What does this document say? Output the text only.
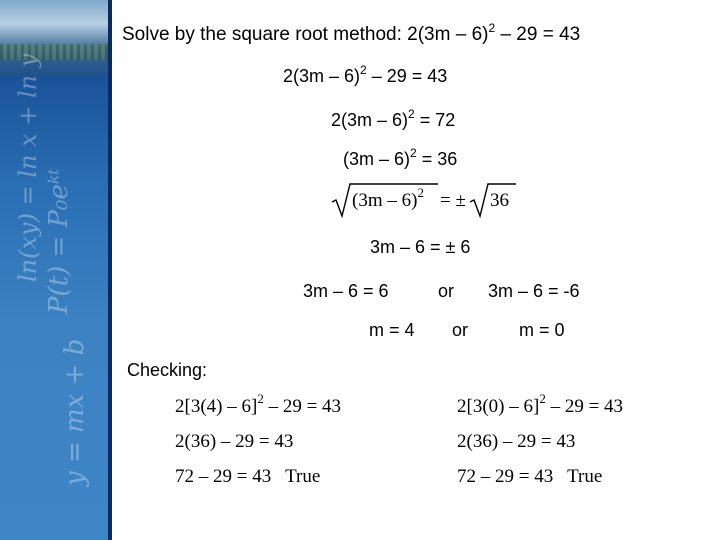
ln(xy) = ln x + ln y P(t) = P₀eᵏᵗ
y = mx + b
Solve by the square root method: 2(3m – 6)$^2$ – 29 = 43
2(3m – 6)$^2$ – 29 = 43
2(3m – 6)$^2$ = 72
(3m – 6)$^2$ = 36
(3m – 6)$^2$ = ± 36
3m – 6 = ± 6
3m – 6 = 6	or 3m – 6 = -6
m = 4 or	m = 0
Checking:
2[3(4) – 6]$^2$ – 29 = 43
2(36) – 29 = 43
72 – 29 = 43   True
2[3(0) – 6]$^2$ – 29 = 43
2(36) – 29 = 43
72 – 29 = 43   True
